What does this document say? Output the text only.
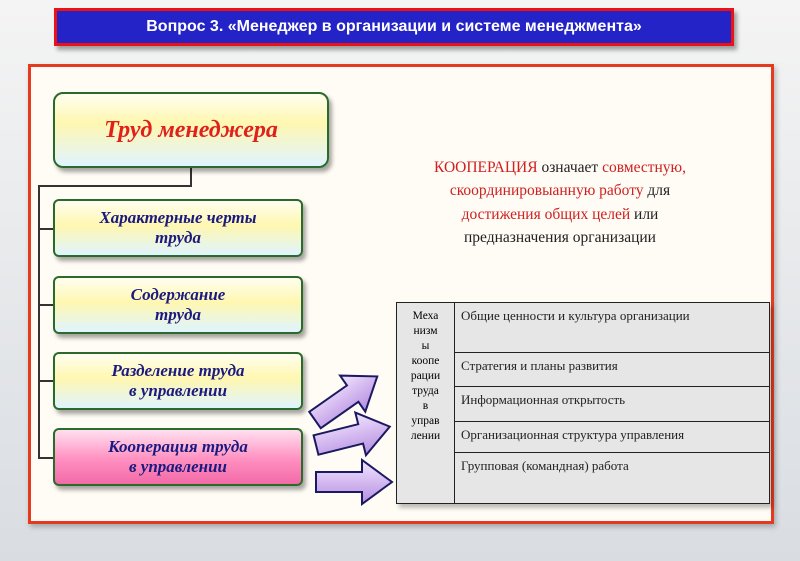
Вопрос 3. «Менеджер в организации и системе менеджмента»
Труд менеджера
Характерные черты
труда
Содержание
труда
Разделение труда
в управлении
Кооперация труда
в управлении
КООПЕРАЦИЯ означает совместную,
скоординировыанную работу для
достижения общих целей или
предназначения организации
Меха
низм
ы
коопе
рации
труда
в
управ
лении
Общие ценности и культура организации
Стратегия и планы развития
Информационная открытость
Организационная структура управления
Групповая (командная) работа
